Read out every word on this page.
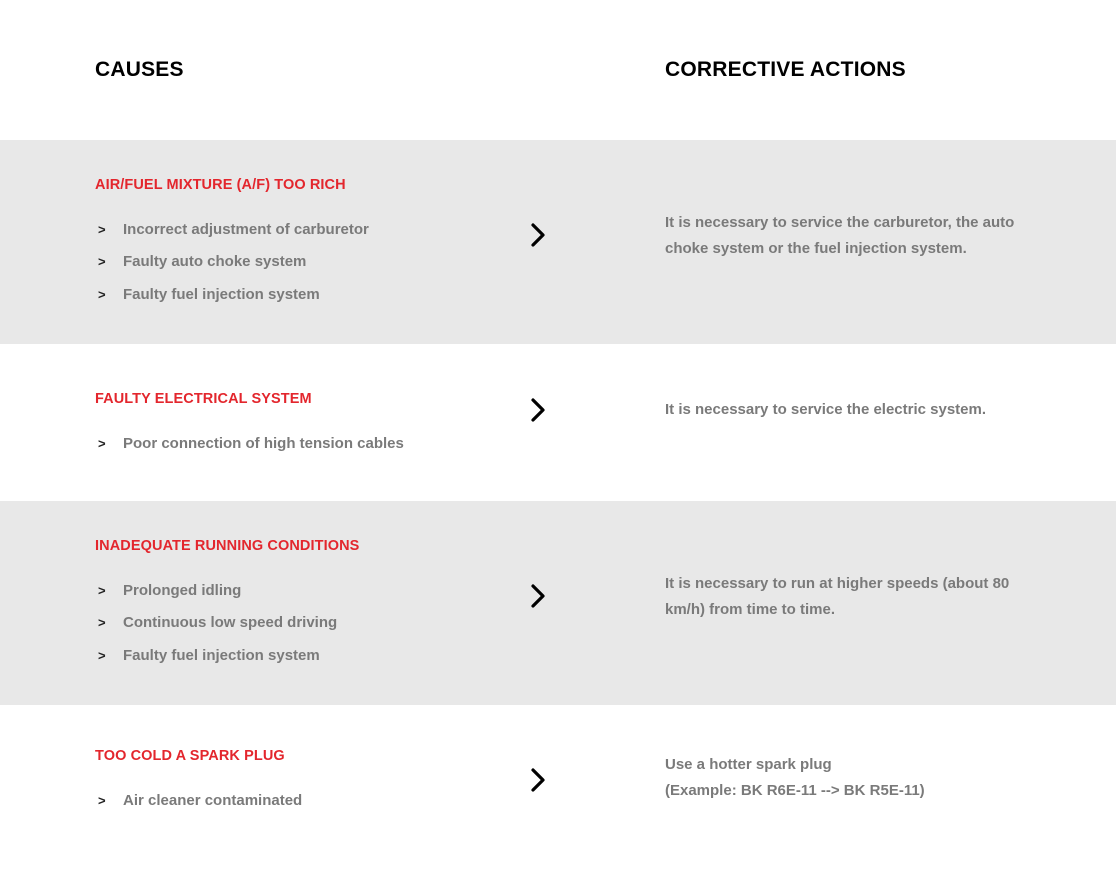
CAUSES	CORRECTIVE ACTIONS
AIR/FUEL MIXTURE (A/F) TOO RICH
>	Incorrect adjustment of carburetor
>	Faulty auto choke system
>	Faulty fuel injection system
It is necessary to service the carburetor, the auto choke system or the fuel injection system.
FAULTY ELECTRICAL SYSTEM
>	Poor connection of high tension cables
It is necessary to service the electric system.
INADEQUATE RUNNING CONDITIONS
>	Prolonged idling
>	Continuous low speed driving
>	Faulty fuel injection system
It is necessary to run at higher speeds (about 80 km/h) from time to time.
TOO COLD A SPARK PLUG
>	Air cleaner contaminated
Use a hotter spark plug
(Example: BK R6E-11 --> BK R5E-11)
